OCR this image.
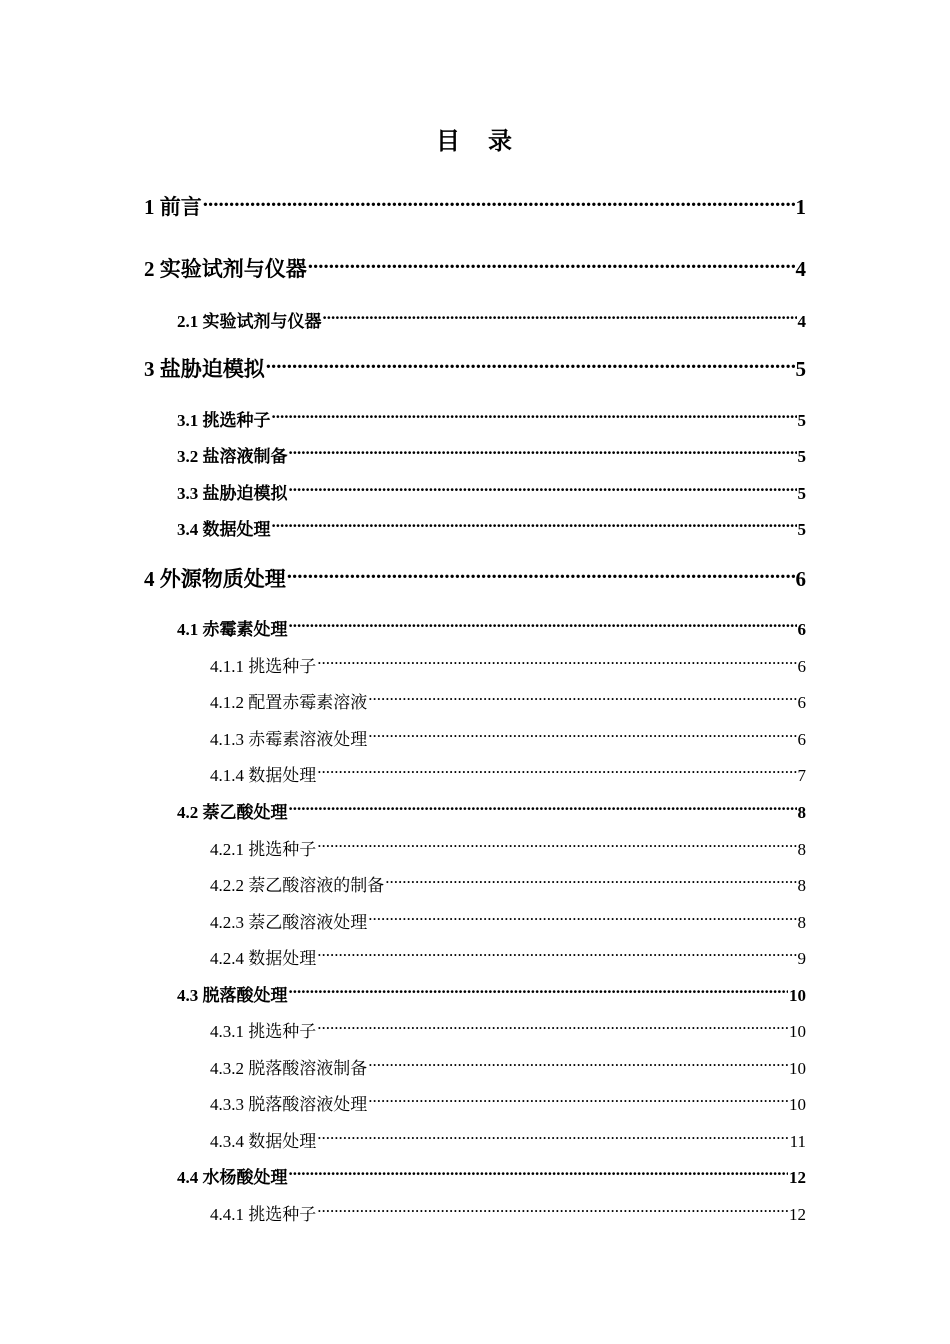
目　录
1 前言 .....	1
2 实验试剂与仪器 .....	4
2.1 实验试剂与仪器 .....	4
3 盐胁迫模拟 .....	5
3.1 挑选种子 .....	5
3.2 盐溶液制备 .....	5
3.3 盐胁迫模拟 .....	5
3.4 数据处理 .....	5
4 外源物质处理 .....	6
4.1 赤霉素处理 .....	6
4.1.1 挑选种子 .....	6
4.1.2 配置赤霉素溶液 .....	6
4.1.3 赤霉素溶液处理 .....	6
4.1.4 数据处理 .....	7
4.2 萘乙酸处理 .....	8
4.2.1 挑选种子 .....	8
4.2.2 萘乙酸溶液的制备 .....	8
4.2.3 萘乙酸溶液处理 .....	8
4.2.4 数据处理 .....	9
4.3 脱落酸处理 .....	10
4.3.1 挑选种子 .....	10
4.3.2 脱落酸溶液制备 .....	10
4.3.3 脱落酸溶液处理 .....	10
4.3.4 数据处理 .....	11
4.4 水杨酸处理 .....	12
4.4.1 挑选种子 .....	12
